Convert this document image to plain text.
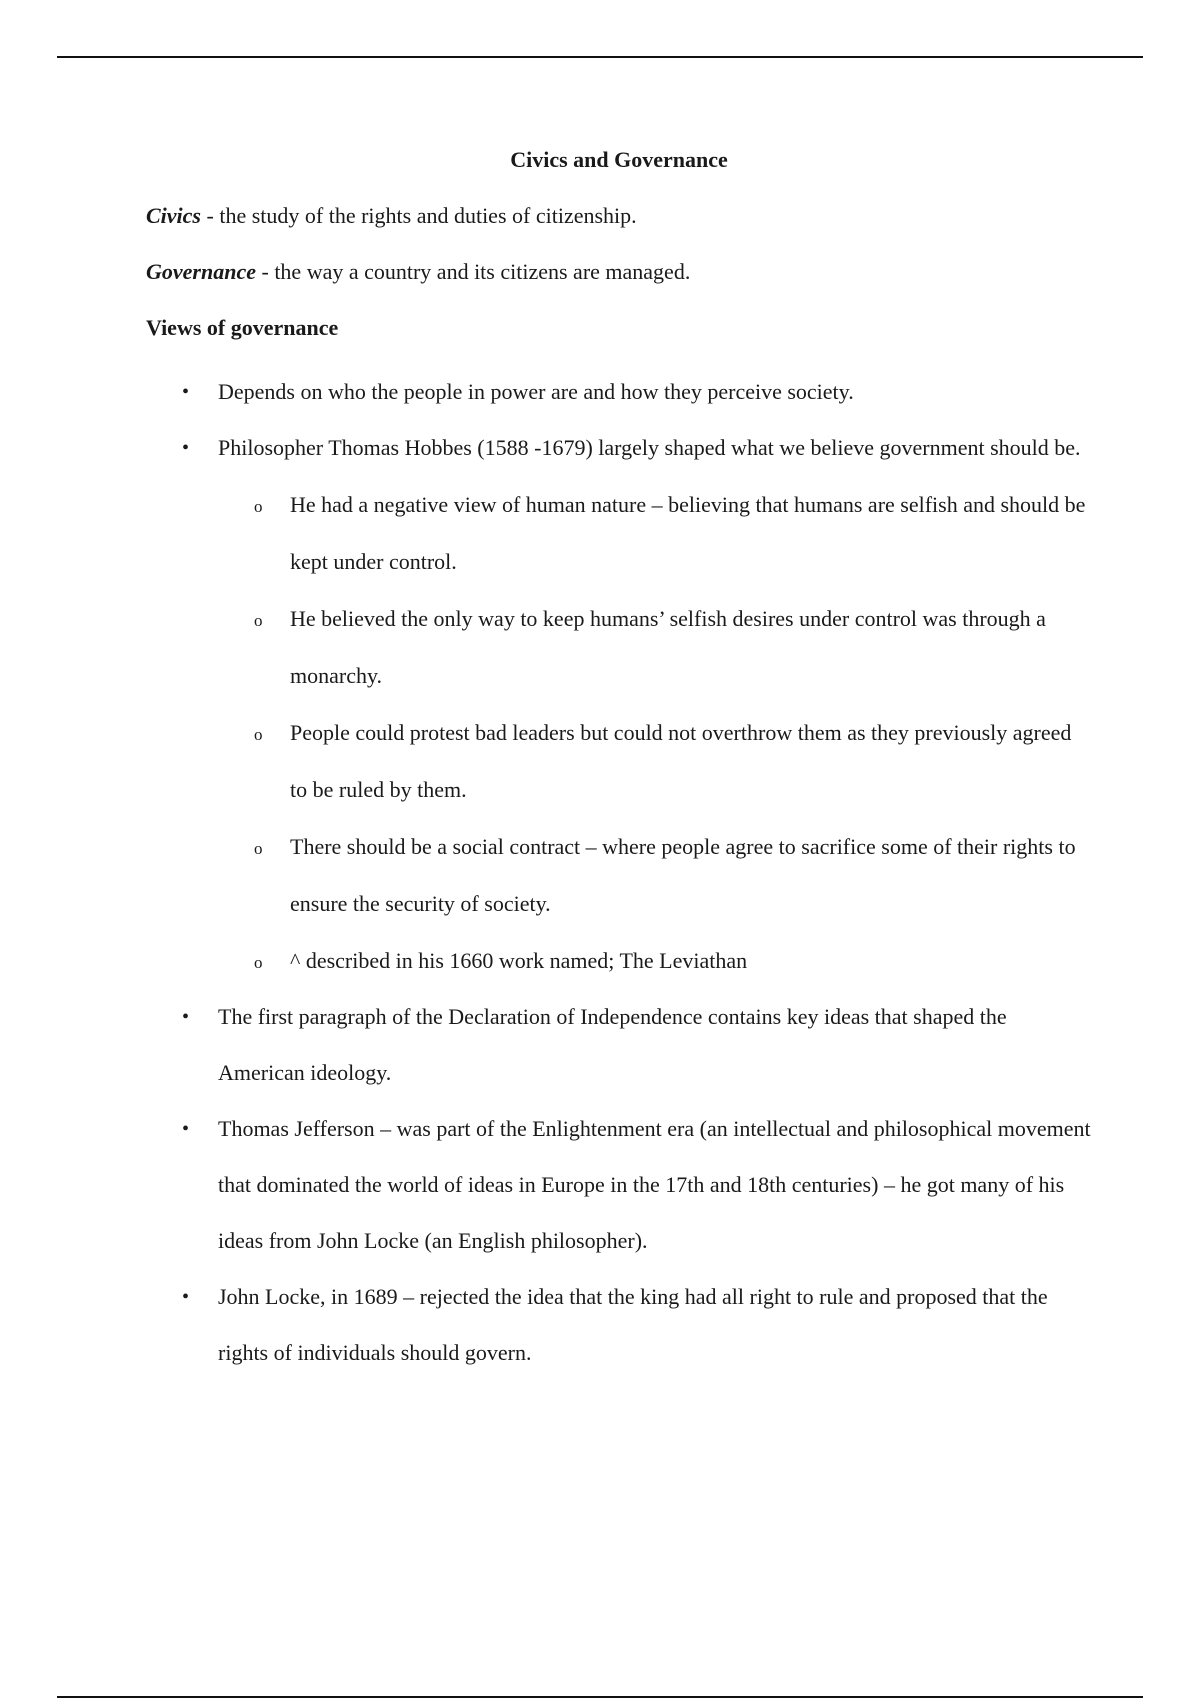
Civics and Governance
Civics - the study of the rights and duties of citizenship.
Governance - the way a country and its citizens are managed.
Views of governance
• Depends on who the people in power are and how they perceive society.
• Philosopher Thomas Hobbes (1588 -1679) largely shaped what we believe government should be.
o He had a negative view of human nature – believing that humans are selfish and should be kept under control.
o He believed the only way to keep humans’ selfish desires under control was through a monarchy.
o People could protest bad leaders but could not overthrow them as they previously agreed to be ruled by them.
o There should be a social contract – where people agree to sacrifice some of their rights to ensure the security of society.
o ^ described in his 1660 work named; The Leviathan
• The first paragraph of the Declaration of Independence contains key ideas that shaped the American ideology.
• Thomas Jefferson – was part of the Enlightenment era (an intellectual and philosophical movement that dominated the world of ideas in Europe in the 17th and 18th centuries) – he got many of his ideas from John Locke (an English philosopher).
• John Locke, in 1689 – rejected the idea that the king had all right to rule and proposed that the rights of individuals should govern.
